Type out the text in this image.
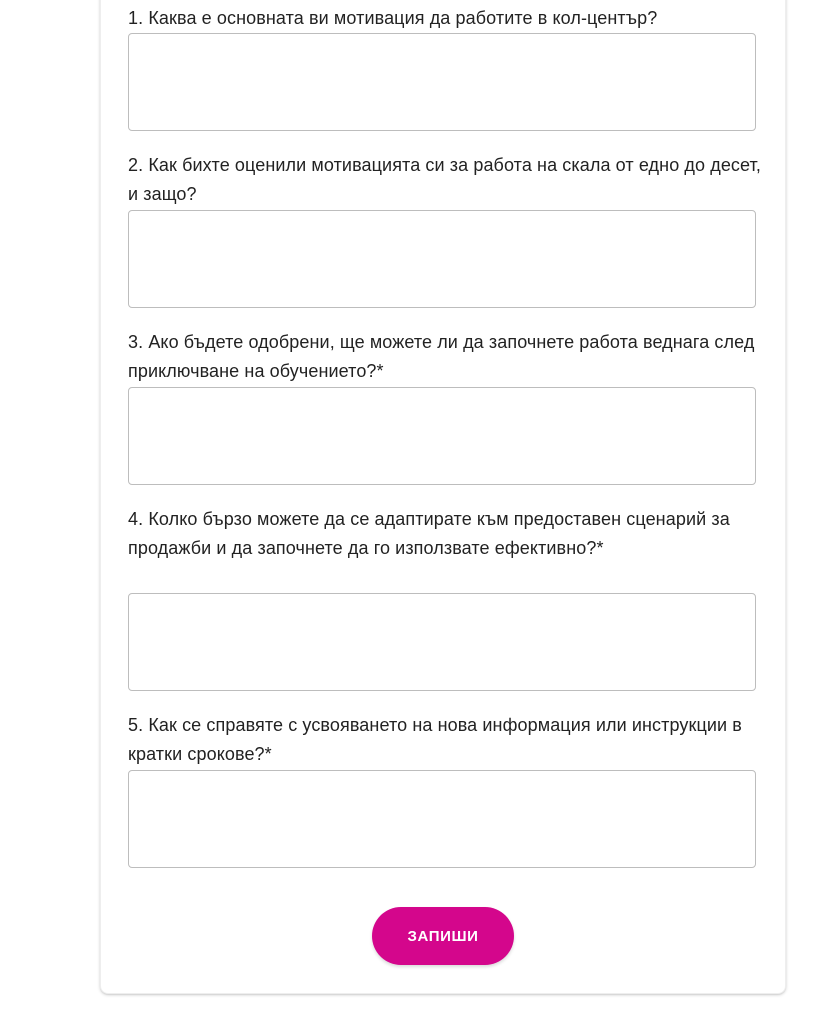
1. Каква е основната ви мотивация да работите в кол-център?
2. Как бихте оценили мотивацията си за работа на скала от едно до десет, и защо?
3. Ако бъдете одобрени, ще можете ли да започнете работа веднага след приключване на обучението?*
4. Колко бързо можете да се адаптирате към предоставен сценарий за продажби и да започнете да го използвате ефективно?*
5. Как се справяте с усвояването на нова информация или инструкции в кратки срокове?*
ЗАПИШИ
